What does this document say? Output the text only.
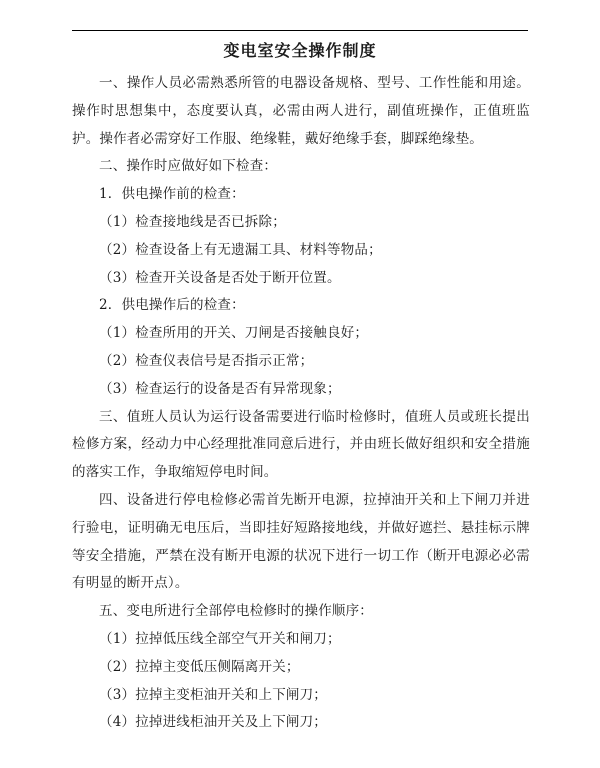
变电室安全操作制度

一、操作人员必需熟悉所管的电器设备规格、型号、工作性能和用途。操作时思想集中，态度要认真，必需由两人进行，副值班操作，正值班监护。操作者必需穿好工作服、绝缘鞋，戴好绝缘手套，脚踩绝缘垫。

二、操作时应做好如下检查：

1．供电操作前的检查：

（1）检查接地线是否已拆除；

（2）检查设备上有无遗漏工具、材料等物品；

（3）检查开关设备是否处于断开位置。

2．供电操作后的检查：

（1）检查所用的开关、刀闸是否接触良好；

（2）检查仪表信号是否指示正常；

（3）检查运行的设备是否有异常现象；

三、值班人员认为运行设备需要进行临时检修时，值班人员或班长提出检修方案，经动力中心经理批准同意后进行，并由班长做好组织和安全措施的落实工作，争取缩短停电时间。

四、设备进行停电检修必需首先断开电源，拉掉油开关和上下闸刀并进行验电，证明确无电压后，当即挂好短路接地线，并做好遮拦、悬挂标示牌等安全措施，严禁在没有断开电源的状况下进行一切工作（断开电源必必需有明显的断开点）。

五、变电所进行全部停电检修时的操作顺序：

（1）拉掉低压线全部空气开关和闸刀；

（2）拉掉主变低压侧隔离开关；

（3）拉掉主变柜油开关和上下闸刀；

（4）拉掉进线柜油开关及上下闸刀；
